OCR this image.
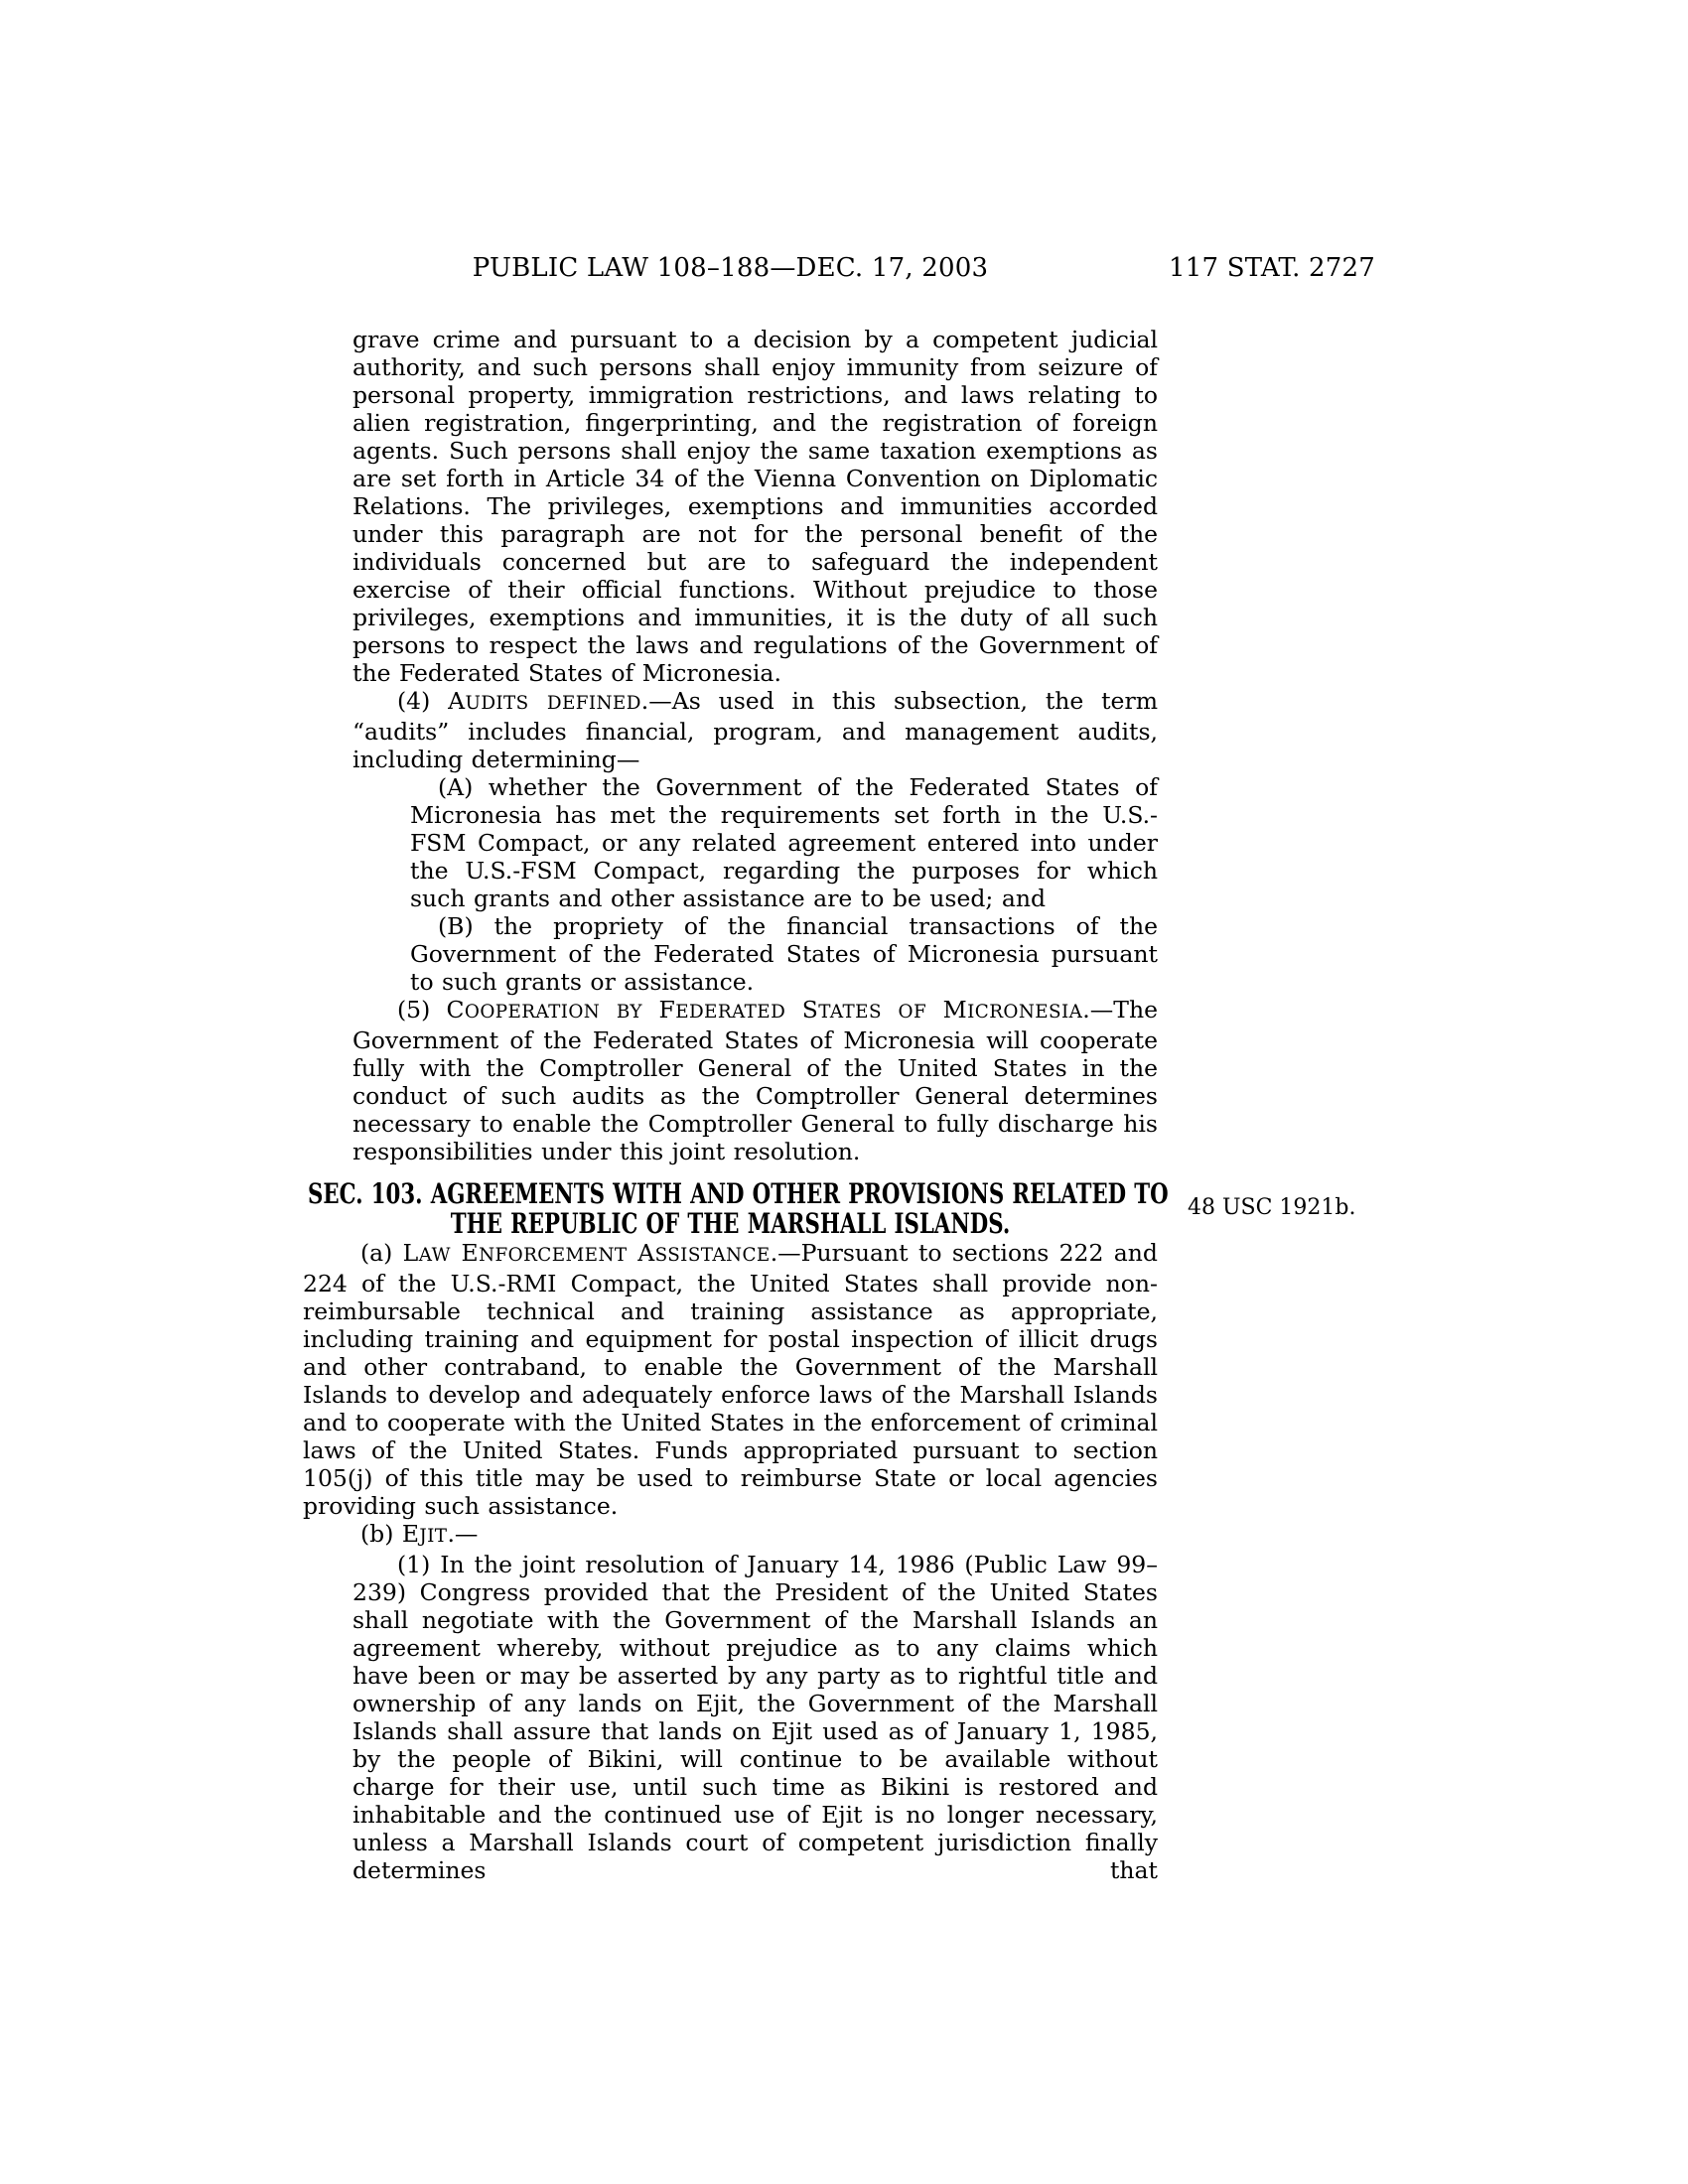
PUBLIC LAW 108–188—DEC. 17, 2003	117 STAT. 2727
48 USC 1921b.

grave crime and pursuant to a decision by a competent judicial authority, and such persons shall enjoy immunity from seizure of personal property, immigration restrictions, and laws relating to alien registration, fingerprinting, and the registration of foreign agents. Such persons shall enjoy the same taxation exemptions as are set forth in Article 34 of the Vienna Convention on Diplomatic Relations. The privileges, exemptions and immunities accorded under this paragraph are not for the personal benefit of the individuals concerned but are to safeguard the independent exercise of their official functions. Without prejudice to those privileges, exemptions and immunities, it is the duty of all such persons to respect the laws and regulations of the Government of the Federated States of Micronesia.

(4) AUDITS DEFINED.—As used in this subsection, the term “audits” includes financial, program, and management audits, including determining—

(A) whether the Government of the Federated States of Micronesia has met the requirements set forth in the U.S.-FSM Compact, or any related agreement entered into under the U.S.-FSM Compact, regarding the purposes for which such grants and other assistance are to be used; and

(B) the propriety of the financial transactions of the Government of the Federated States of Micronesia pursuant to such grants or assistance.

(5) COOPERATION BY FEDERATED STATES OF MICRONESIA.—The Government of the Federated States of Micronesia will cooperate fully with the Comptroller General of the United States in the conduct of such audits as the Comptroller General determines necessary to enable the Comptroller General to fully discharge his responsibilities under this joint resolution.

SEC. 103. AGREEMENTS WITH AND OTHER PROVISIONS RELATED TO
THE REPUBLIC OF THE MARSHALL ISLANDS.

(a) LAW ENFORCEMENT ASSISTANCE.—Pursuant to sections 222 and 224 of the U.S.-RMI Compact, the United States shall provide non-reimbursable technical and training assistance as appropriate, including training and equipment for postal inspection of illicit drugs and other contraband, to enable the Government of the Marshall Islands to develop and adequately enforce laws of the Marshall Islands and to cooperate with the United States in the enforcement of criminal laws of the United States. Funds appropriated pursuant to section 105(j) of this title may be used to reimburse State or local agencies providing such assistance.

(b) EJIT.—

(1) In the joint resolution of January 14, 1986 (Public Law 99–239) Congress provided that the President of the United States shall negotiate with the Government of the Marshall Islands an agreement whereby, without prejudice as to any claims which have been or may be asserted by any party as to rightful title and ownership of any lands on Ejit, the Government of the Marshall Islands shall assure that lands on Ejit used as of January 1, 1985, by the people of Bikini, will continue to be available without charge for their use, until such time as Bikini is restored and inhabitable and the continued use of Ejit is no longer necessary, unless a Marshall Islands court of competent jurisdiction finally determines that
